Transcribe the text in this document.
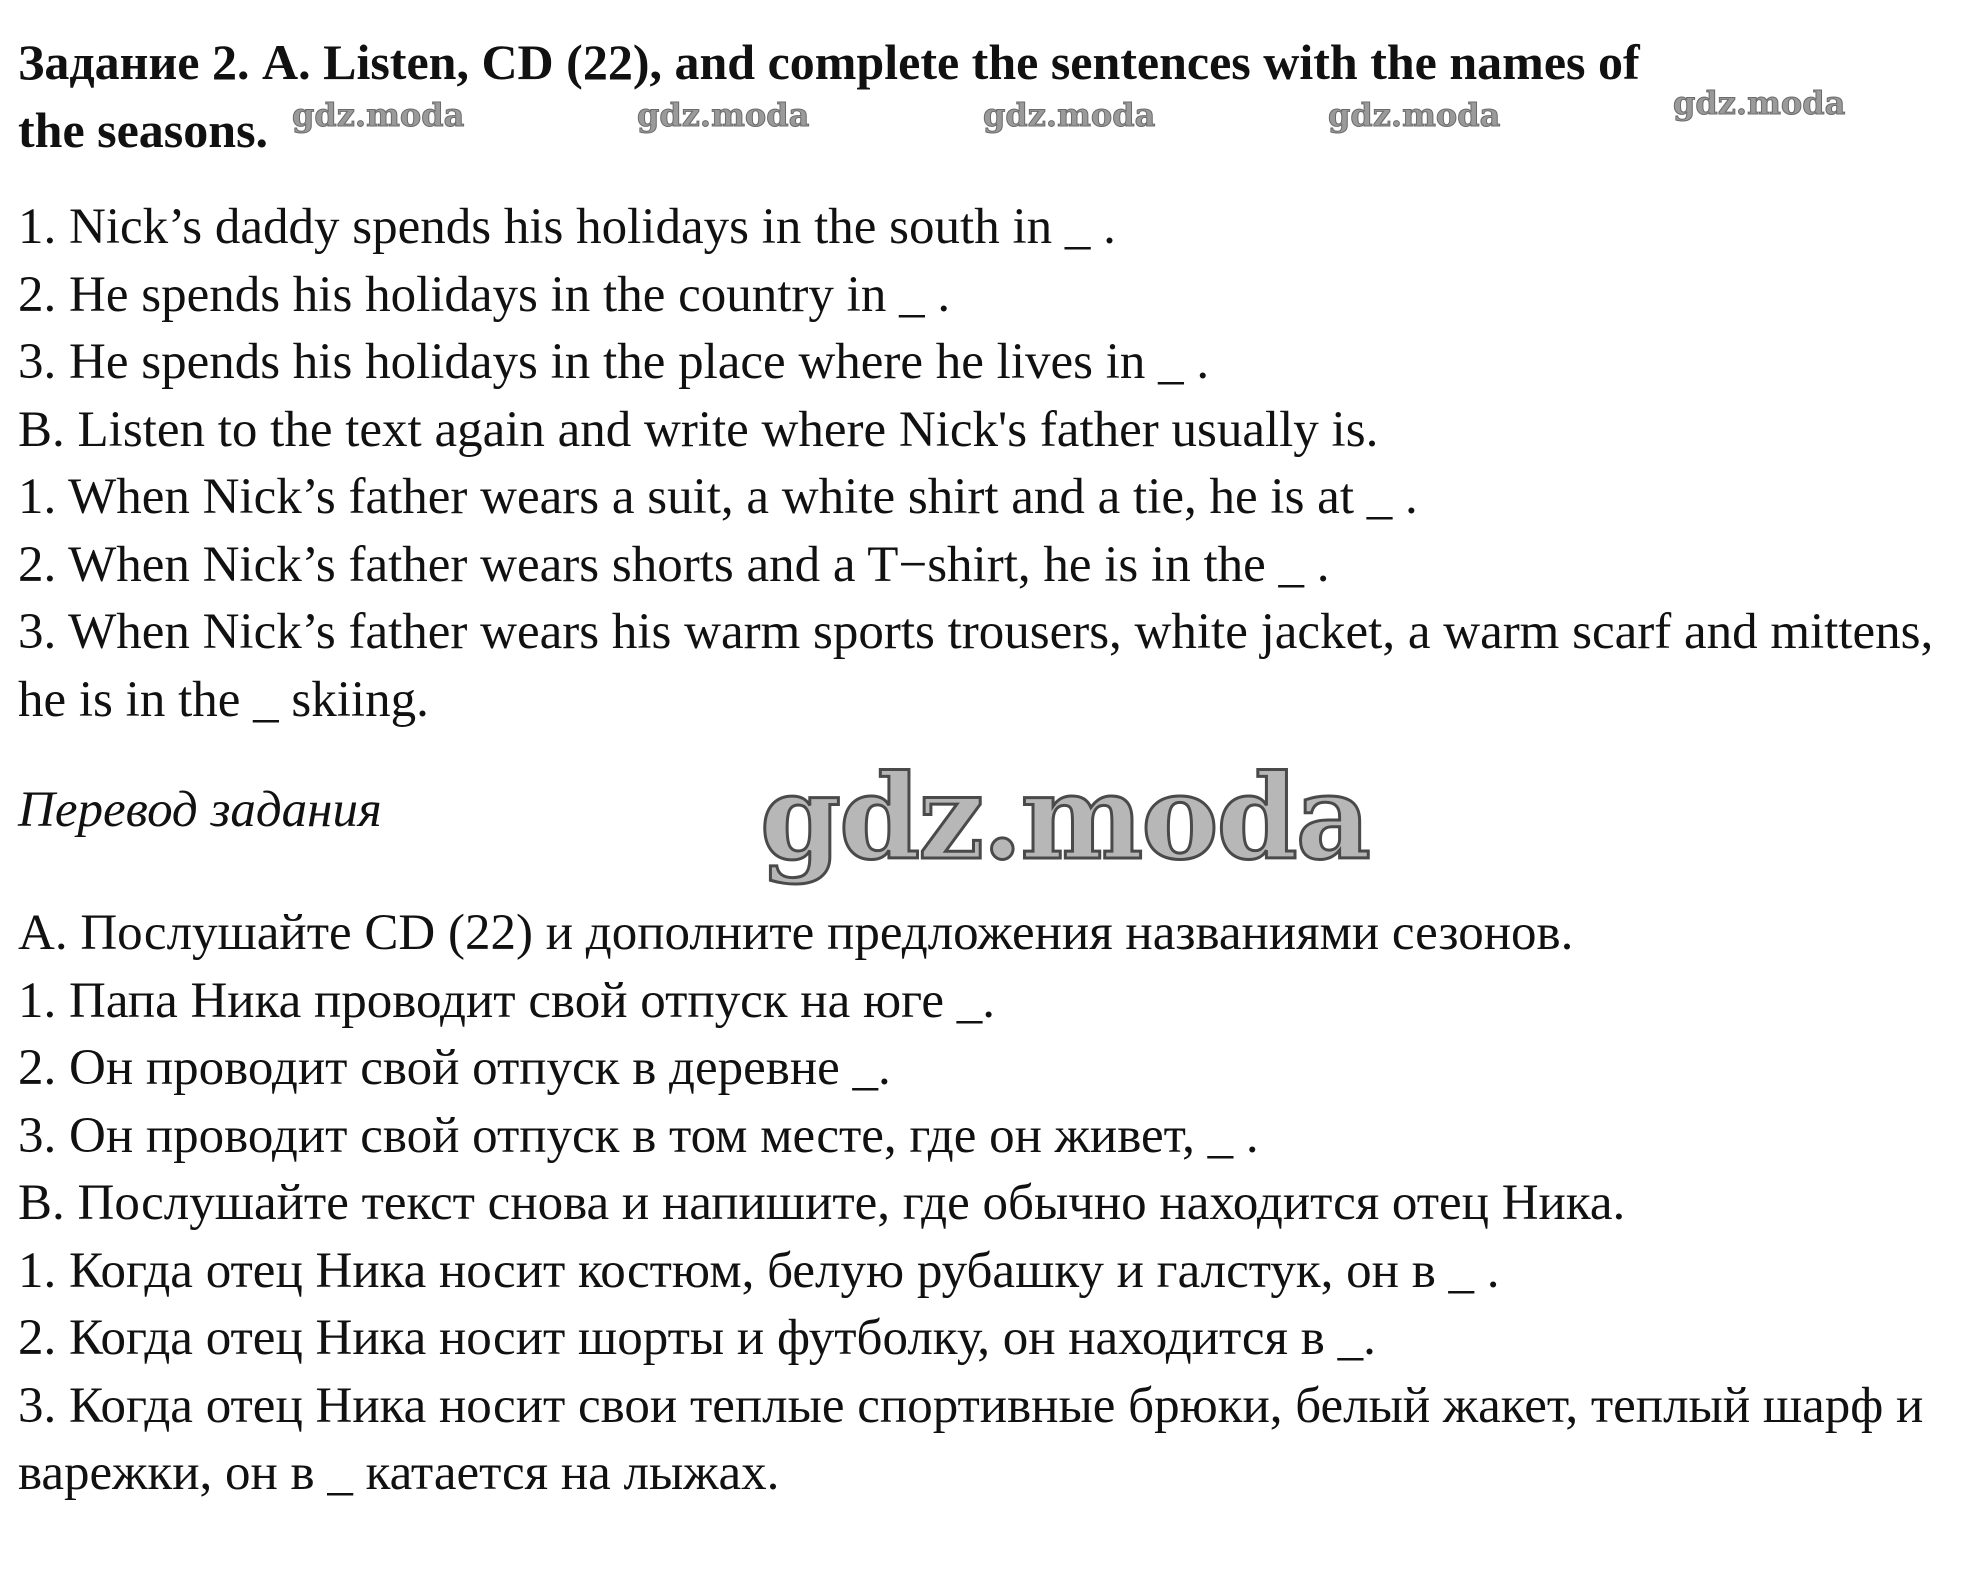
Задание 2. A. Listen, CD (22), and complete the sentences with the names of
the seasons.
1. Nick’s daddy spends his holidays in the south in _ .
2. He spends his holidays in the country in _ .
3. He spends his holidays in the place where he lives in _ .
B. Listen to the text again and write where Nick's father usually is.
1. When Nick’s father wears a suit, a white shirt and a tie, he is at _ .
2. When Nick’s father wears shorts and a T−shirt, he is in the _ .
3. When Nick’s father wears his warm sports trousers, white jacket, a warm scarf and mittens, he is in the _ skiing.
Перевод задания
A. Послушайте CD (22) и дополните предложения названиями сезонов.
1. Папа Ника проводит свой отпуск на юге _.
2. Он проводит свой отпуск в деревне _.
3. Он проводит свой отпуск в том месте, где он живет, _ .
B. Послушайте текст снова и напишите, где обычно находится отец Ника.
1. Когда отец Ника носит костюм, белую рубашку и галстук, он в _ .
2. Когда отец Ника носит шорты и футболку, он находится в _.
3. Когда отец Ника носит свои теплые спортивные брюки, белый жакет, теплый шарф и варежки, он в _ катается на лыжах.
gdz.moda	gdz.moda	gdz.moda	gdz.moda	gdz.moda
gdz.moda
